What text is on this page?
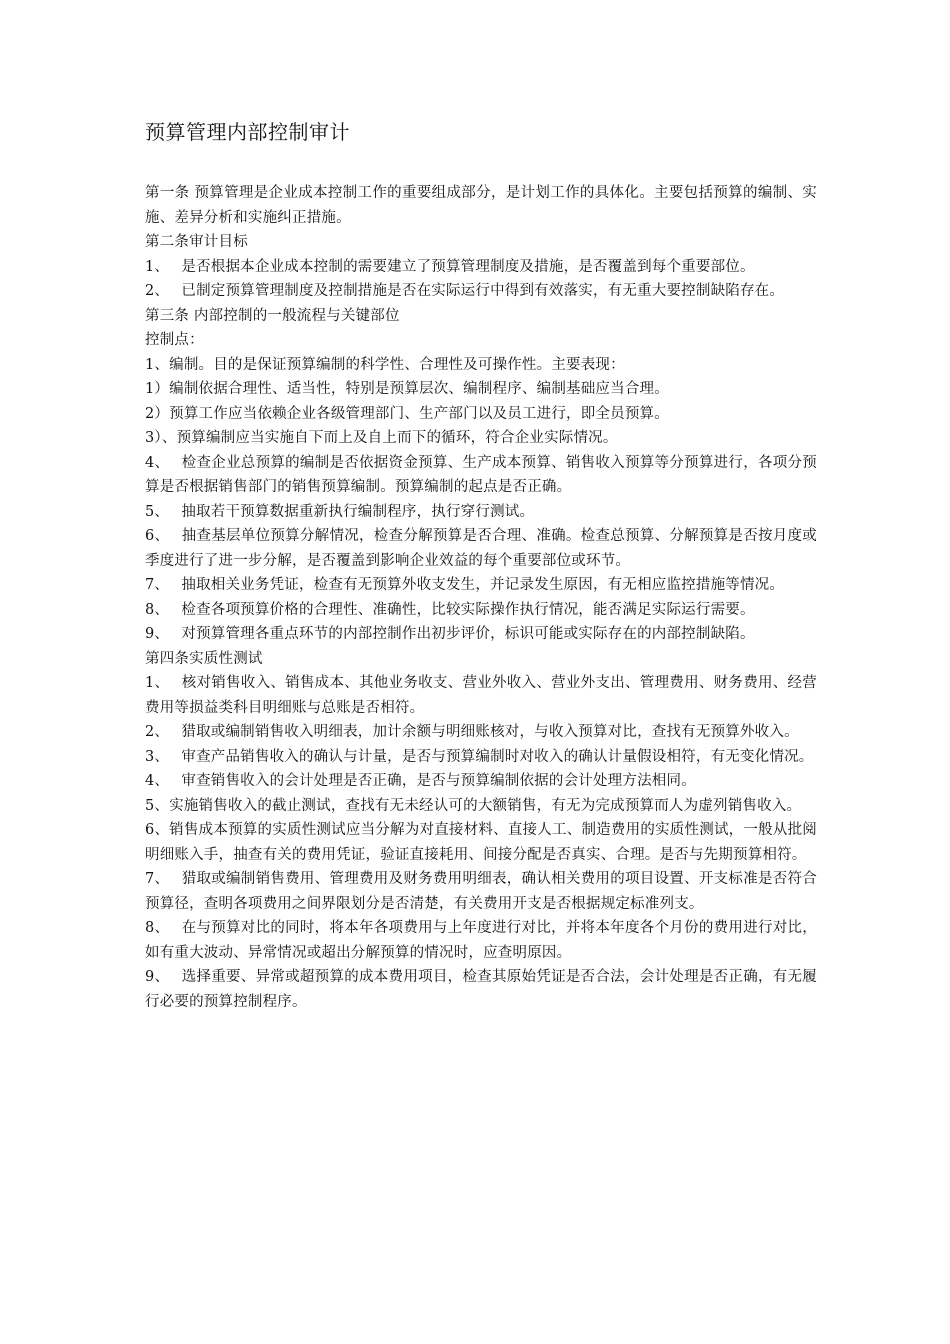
预算管理内部控制审计

第一条 预算管理是企业成本控制工作的重要组成部分，是计划工作的具体化。主要包括预算的编制、实施、差异分析和实施纠正措施。

第二条审计目标

1、　 是否根据本企业成本控制的需要建立了预算管理制度及措施，是否覆盖到每个重要部位。

2、　 已制定预算管理制度及控制措施是否在实际运行中得到有效落实，有无重大要控制缺陷存在。

第三条 内部控制的一般流程与关键部位

控制点：

1、编制。目的是保证预算编制的科学性、合理性及可操作性。主要表现：

1）编制依据合理性、适当性，特别是预算层次、编制程序、编制基础应当合理。

2）预算工作应当依赖企业各级管理部门、生产部门以及员工进行，即全员预算。

3）、预算编制应当实施自下而上及自上而下的循环，符合企业实际情况。

4、　 检查企业总预算的编制是否依据资金预算、生产成本预算、销售收入预算等分预算进行，各项分预算是否根据销售部门的销售预算编制。预算编制的起点是否正确。

5、　 抽取若干预算数据重新执行编制程序，执行穿行测试。

6、　 抽查基层单位预算分解情况，检查分解预算是否合理、准确。检查总预算、分解预算是否按月度或季度进行了进一步分解，是否覆盖到影响企业效益的每个重要部位或环节。

7、　 抽取相关业务凭证，检查有无预算外收支发生，并记录发生原因，有无相应监控措施等情况。

8、　 检查各项预算价格的合理性、准确性，比较实际操作执行情况，能否满足实际运行需要。

9、　 对预算管理各重点环节的内部控制作出初步评价，标识可能或实际存在的内部控制缺陷。

第四条实质性测试

1、　 核对销售收入、销售成本、其他业务收支、营业外收入、营业外支出、管理费用、财务费用、经营费用等损益类科目明细账与总账是否相符。

2、　 猎取或编制销售收入明细表，加计余额与明细账核对，与收入预算对比，查找有无预算外收入。

3、　 审查产品销售收入的确认与计量，是否与预算编制时对收入的确认计量假设相符，有无变化情况。

4、　 审查销售收入的会计处理是否正确，是否与预算编制依据的会计处理方法相同。

5、实施销售收入的截止测试，查找有无未经认可的大额销售，有无为完成预算而人为虚列销售收入。

6、销售成本预算的实质性测试应当分解为对直接材料、直接人工、制造费用的实质性测试，一般从批阅明细账入手，抽查有关的费用凭证，验证直接耗用、间接分配是否真实、合理。是否与先期预算相符。

7、　 猎取或编制销售费用、管理费用及财务费用明细表，确认相关费用的项目设置、开支标准是否符合预算径，查明各项费用之间界限划分是否清楚，有关费用开支是否根据规定标准列支。

8、　 在与预算对比的同时，将本年各项费用与上年度进行对比，并将本年度各个月份的费用进行对比，如有重大波动、异常情况或超出分解预算的情况时，应查明原因。

9、　 选择重要、异常或超预算的成本费用项目，检查其原始凭证是否合法，会计处理是否正确，有无履行必要的预算控制程序。
